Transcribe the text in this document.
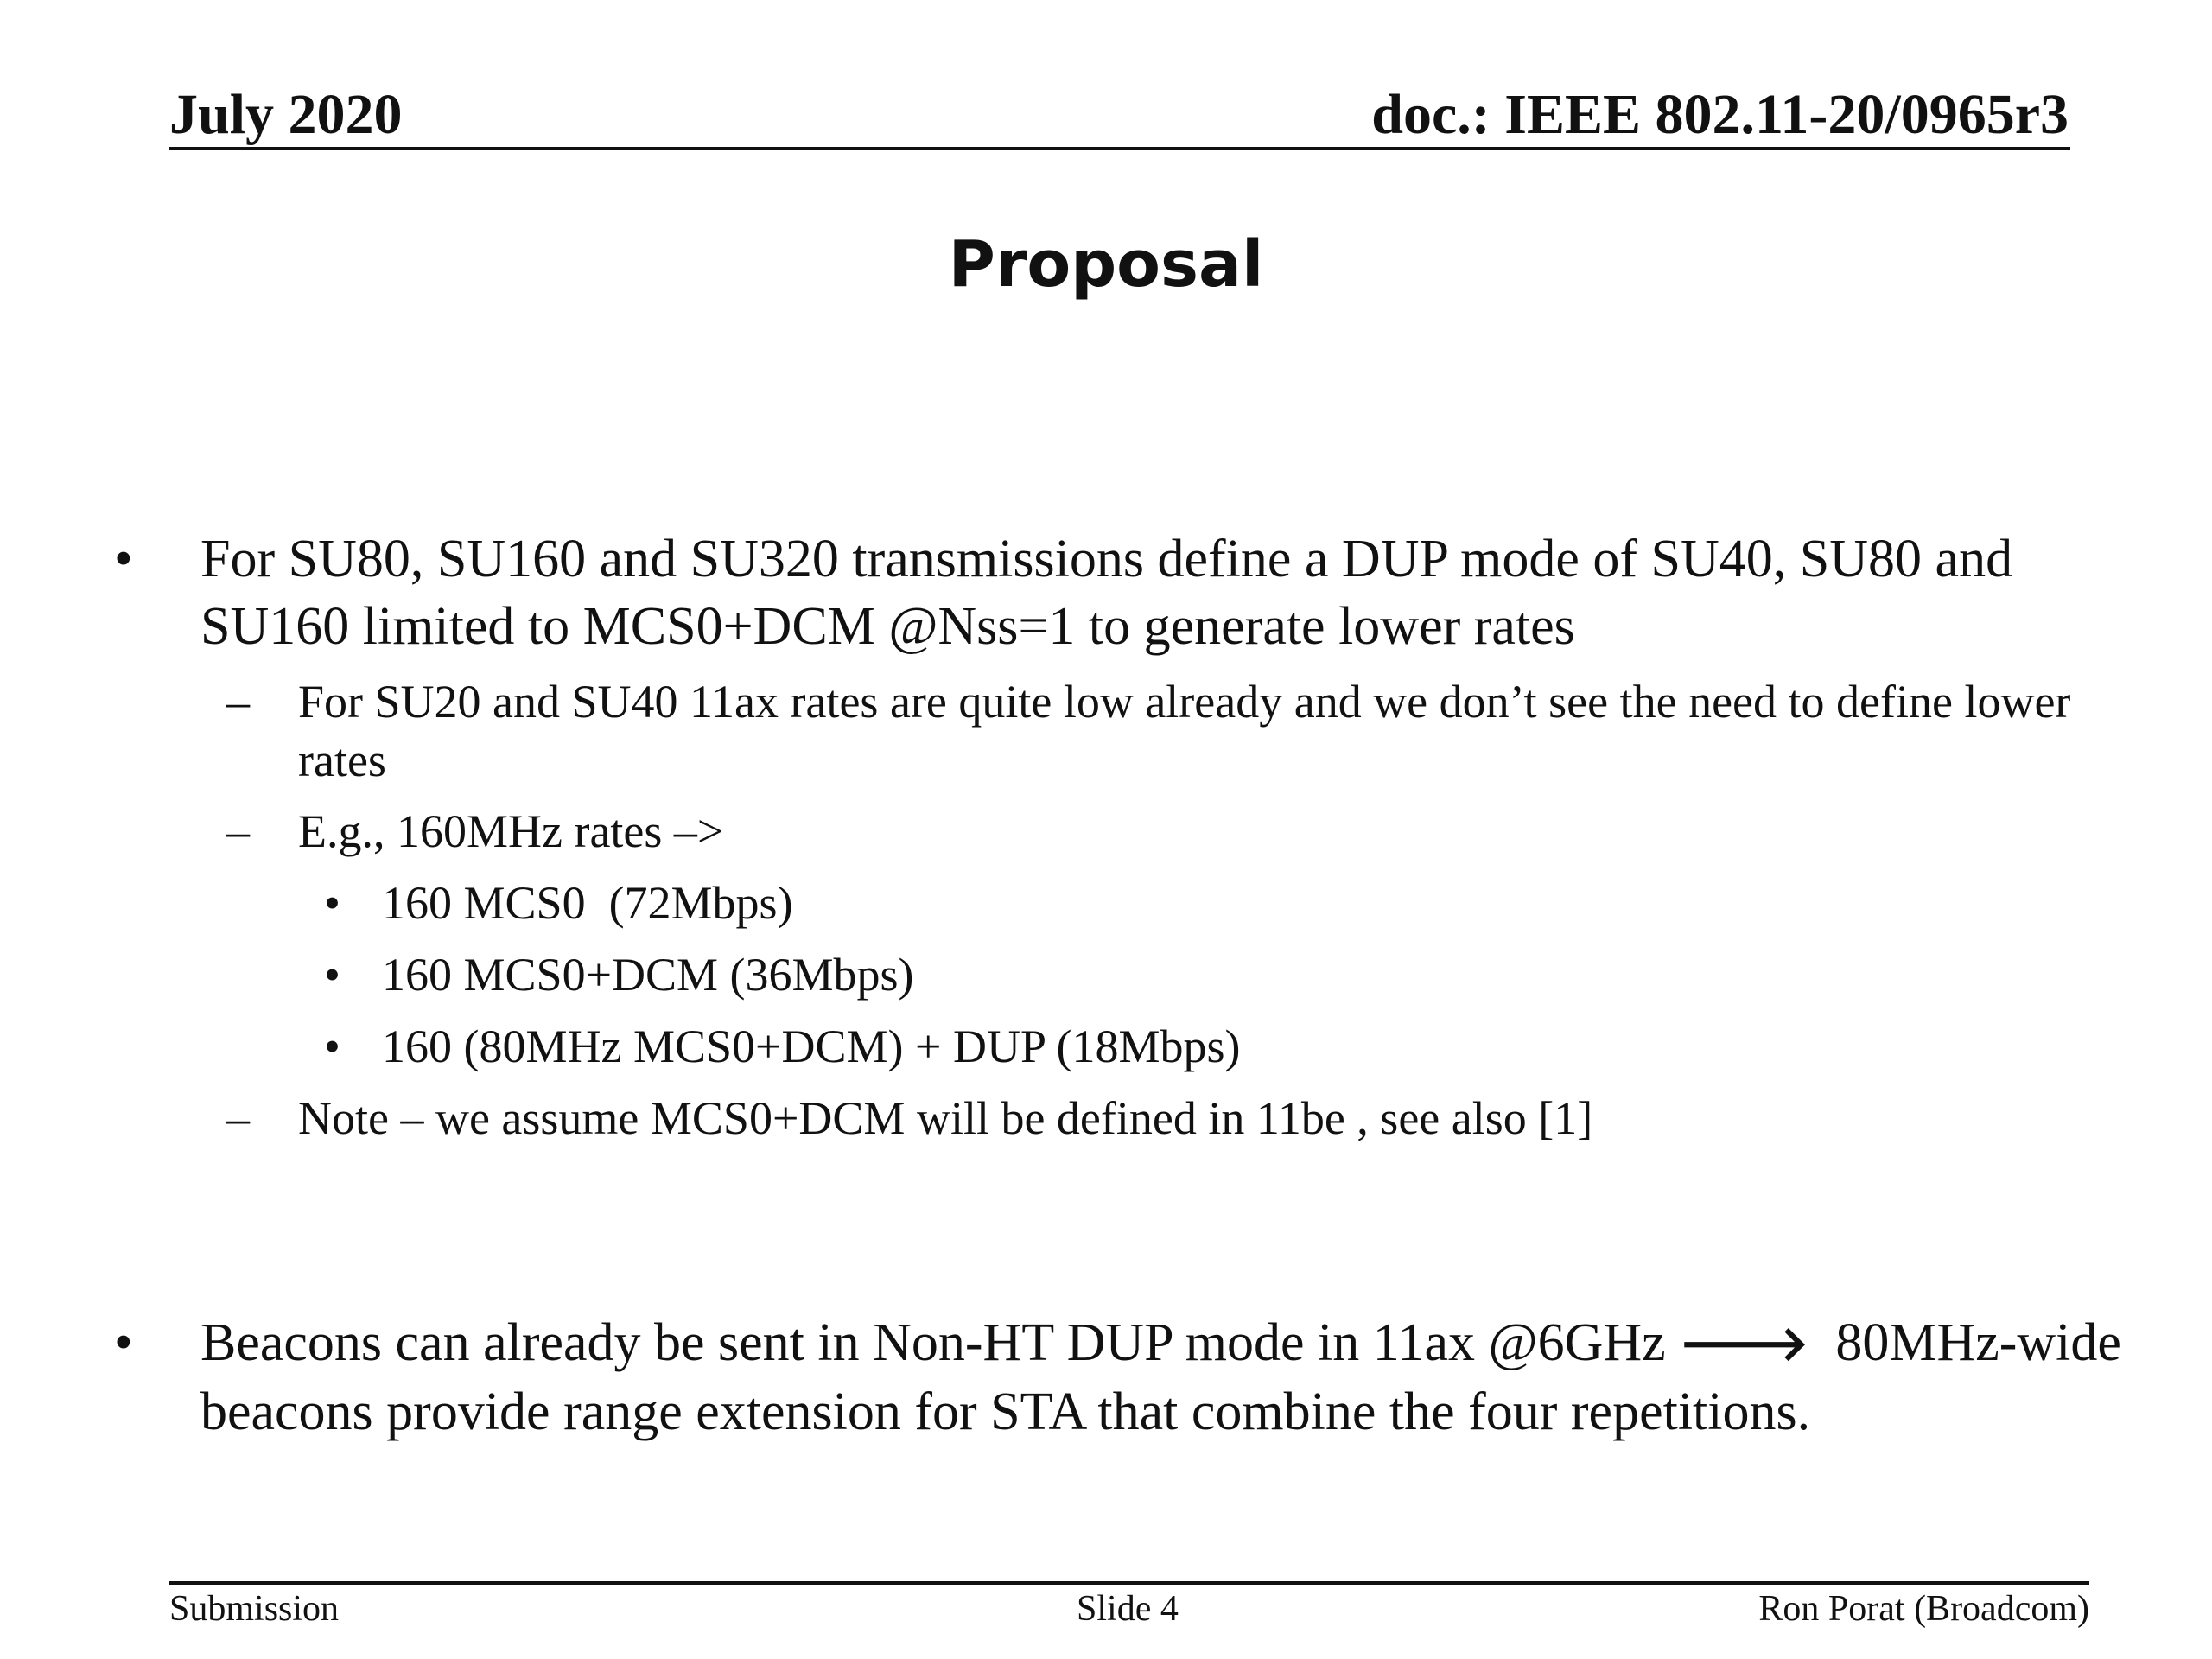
July 2020	doc.: IEEE 802.11-20/0965r3
Proposal
• For SU80, SU160 and SU320 transmissions define a DUP mode of SU40, SU80 and SU160 limited to MCS0+DCM @Nss=1 to generate lower rates
– For SU20 and SU40 11ax rates are quite low already and we don’t see the need to define lower rates
– E.g., 160MHz rates –>
• 160 MCS0  (72Mbps)
• 160 MCS0+DCM (36Mbps)
• 160 (80MHz MCS0+DCM) + DUP (18Mbps)
– Note – we assume MCS0+DCM will be defined in 11be , see also [1]
• Beacons can already be sent in Non-HT DUP mode in 11ax @6GHz 🡒  80MHz-wide beacons provide range extension for STA that combine the four repetitions.
Submission	Slide 4	Ron Porat (Broadcom)
